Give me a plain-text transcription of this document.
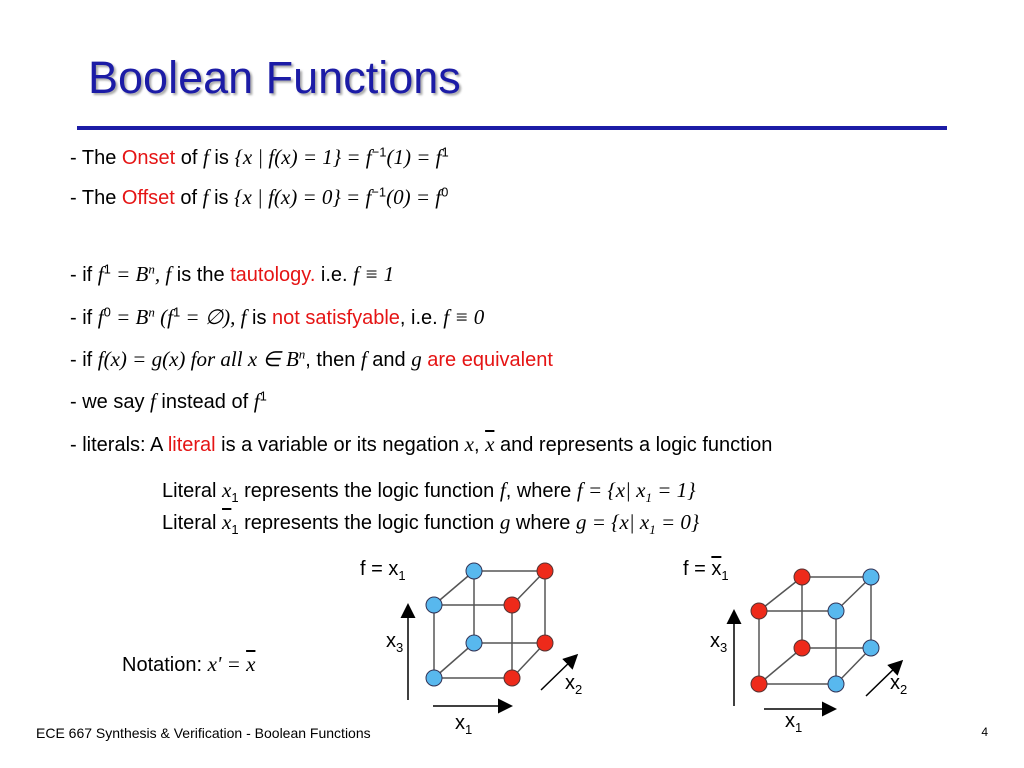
Boolean Functions
- The Onset of f is {x | $f(x) = 1\} = f^{-1}(1) = f^1$
- The Offset of f is {x | $f(x) = 0\} = f^{-1}(0) = f^0$
- if $f^1 = B^n$, f is the tautology. i.e. f ≡ 1
- if $f^0 = B^n$ ($f^1$ = ∅), f is not satisfyable, i.e. f ≡ 0
- if f(x) = g(x) for all x ∈ $B^n$, then f and g are equivalent
- we say f instead of $f^1$
- literals: A literal is a variable or its negation x, $\overline{x}$ and represents a logic function
Literal $x_1$ represents the logic function f, where f = {x| $x_1 = 1$}
Literal $\overline{x}_1$ represents the logic function g where g = {x| $x_1 = 0$}
Notation: $x' = \overline{x}$
$f = x_1$
$x_3$
$x_2$
$x_1$
$f = \overline{x}_1$
$x_3$
$x_2$
$x_1$
ECE 667 Synthesis & Verification - Boolean Functions	4
